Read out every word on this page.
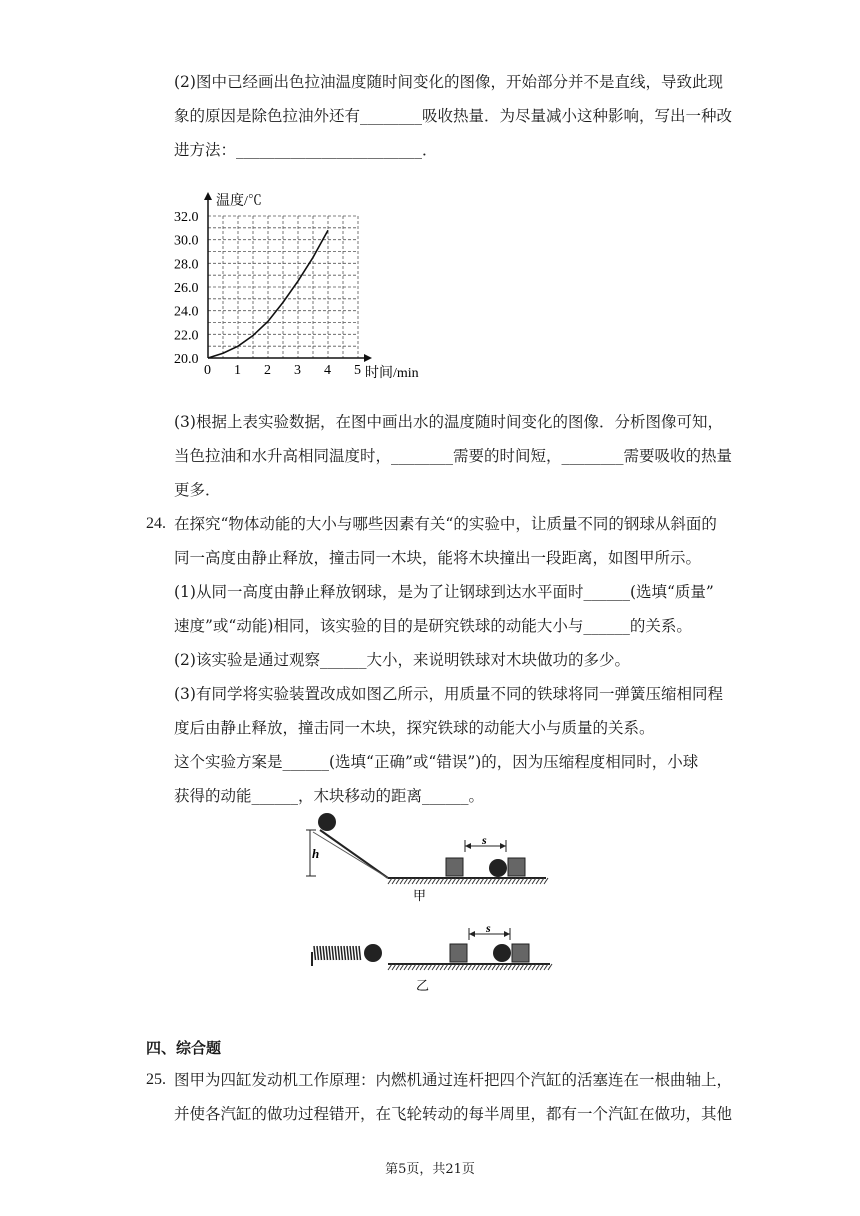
(2)图中已经画出色拉油温度随时间变化的图像，开始部分并不是直线，导致此现
象的原因是除色拉油外还有________吸收热量．为尽量减小这种影响，写出一种改
进方法：________________________．
20.0
22.0
24.0
26.0
28.0
30.0
32.0
0 1 2 3 4 5
温度/℃
时间/min
(3)根据上表实验数据，在图中画出水的温度随时间变化的图像．分析图像可知，
当色拉油和水升高相同温度时，________需要的时间短，________需要吸收的热量
更多．
24. 在探究“物体动能的大小与哪些因素有关“的实验中，让质量不同的钢球从斜面的
同一高度由静止释放，撞击同一木块，能将木块撞出一段距离，如图甲所示。
(1)从同一高度由静止释放钢球，是为了让钢球到达水平面时______(选填“质量”
速度”或“动能)相同，该实验的目的是研究铁球的动能大小与______的关系。
(2)该实验是通过观察______大小，来说明铁球对木块做功的多少。
(3)有同学将实验装置改成如图乙所示，用质量不同的铁球将同一弹簧压缩相同程
度后由静止释放，撞击同一木块，探究铁球的动能大小与质量的关系。
这个实验方案是______(选填“正确”或“错误”)的，因为压缩程度相同时，小球
获得的动能______，木块移动的距离______。
h
s
甲
s
乙
四、综合题
25. 图甲为四缸发动机工作原理：内燃机通过连杆把四个汽缸的活塞连在一根曲轴上，
并使各汽缸的做功过程错开，在飞轮转动的每半周里，都有一个汽缸在做功，其他
第5页，共21页
